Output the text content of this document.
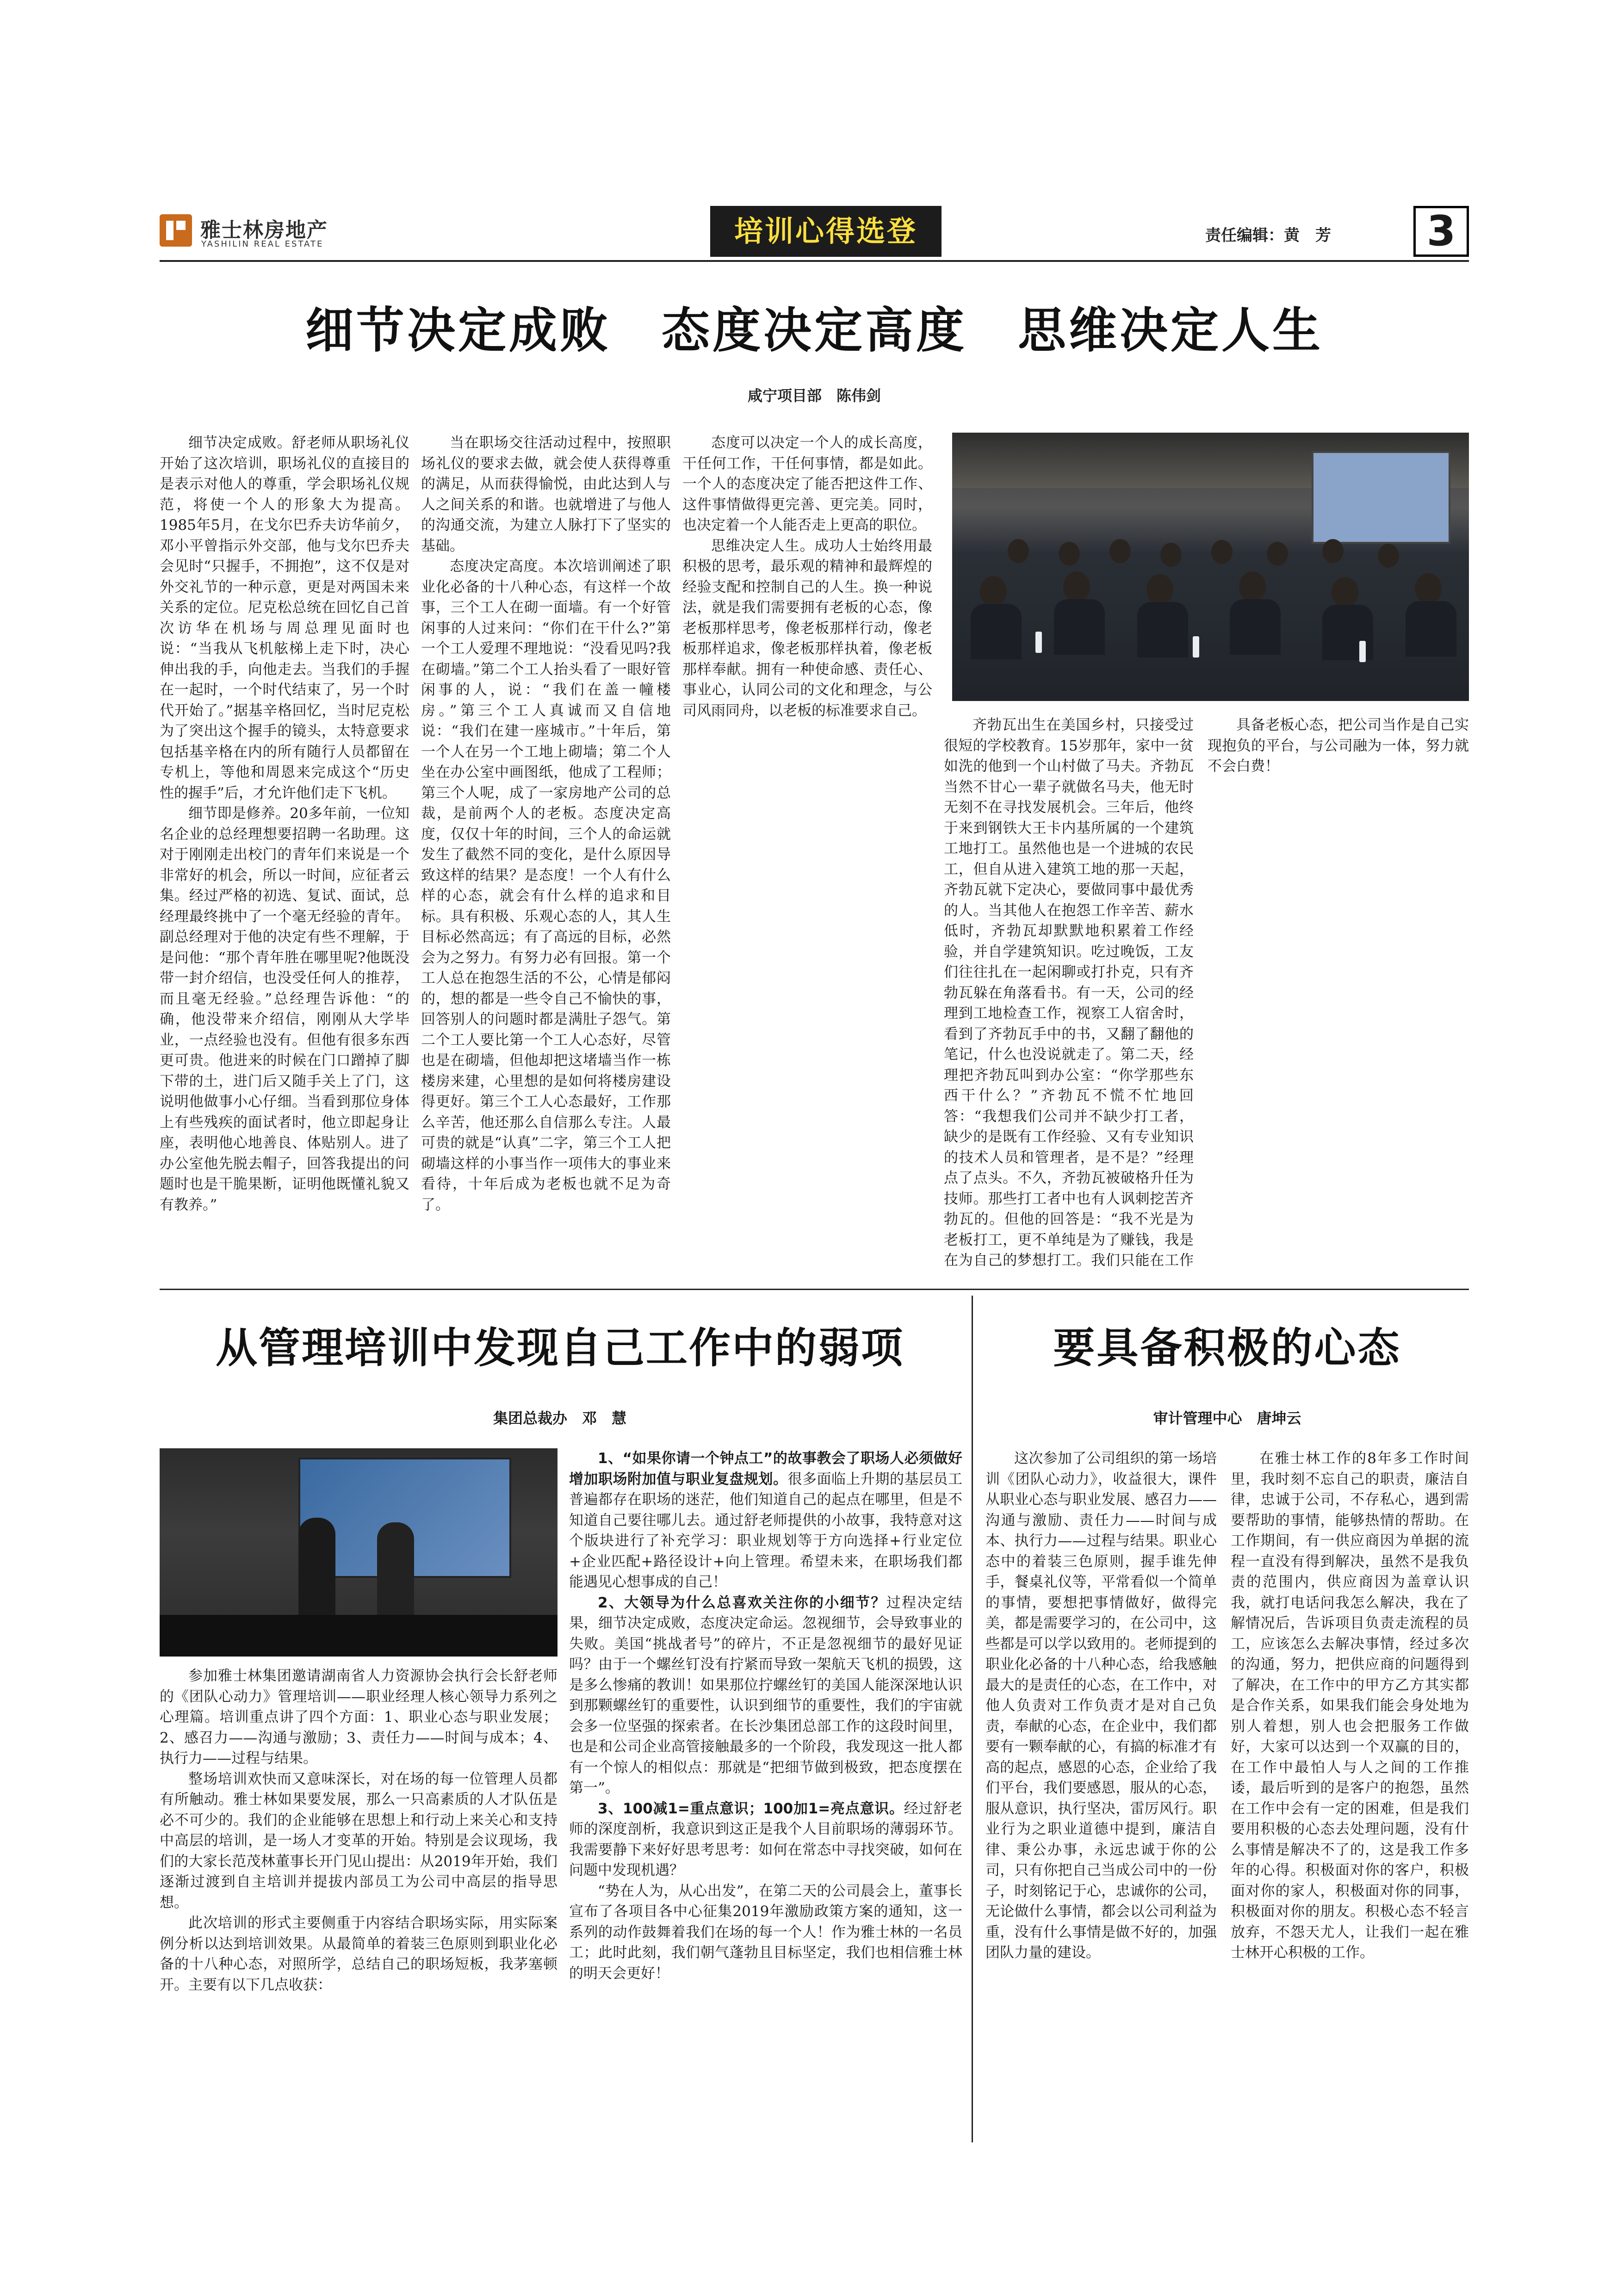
雅士林房地产
YASHILIN REAL ESTATE	培训心得选登	责任编辑：黄　芳	3
细节决定成败　态度决定高度　思维决定人生
咸宁项目部　陈伟剑

细节决定成败。舒老师从职场礼仪开始了这次培训，职场礼仪的直接目的是表示对他人的尊重，学会职场礼仪规范，将使一个人的形象大为提高。1985年5月，在戈尔巴乔夫访华前夕，邓小平曾指示外交部，他与戈尔巴乔夫会见时“只握手，不拥抱”，这不仅是对外交礼节的一种示意，更是对两国未来关系的定位。尼克松总统在回忆自己首次访华在机场与周总理见面时也说：“当我从飞机舷梯上走下时，决心伸出我的手，向他走去。当我们的手握在一起时，一个时代结束了，另一个时代开始了。”据基辛格回忆，当时尼克松为了突出这个握手的镜头，太特意要求包括基辛格在内的所有随行人员都留在专机上，等他和周恩来完成这个“历史性的握手”后，才允许他们走下飞机。

细节即是修养。20多年前，一位知名企业的总经理想要招聘一名助理。这对于刚刚走出校门的青年们来说是一个非常好的机会，所以一时间，应征者云集。经过严格的初选、复试、面试，总经理最终挑中了一个毫无经验的青年。副总经理对于他的决定有些不理解，于是问他：“那个青年胜在哪里呢?他既没带一封介绍信，也没受任何人的推荐，而且毫无经验。”总经理告诉他：“的确，他没带来介绍信，刚刚从大学毕业，一点经验也没有。但他有很多东西更可贵。他进来的时候在门口蹭掉了脚下带的土，进门后又随手关上了门，这说明他做事小心仔细。当看到那位身体上有些残疾的面试者时，他立即起身让座，表明他心地善良、体贴别人。进了办公室他先脱去帽子，回答我提出的问题时也是干脆果断，证明他既懂礼貌又有教养。”

当在职场交往活动过程中，按照职场礼仪的要求去做，就会使人获得尊重的满足，从而获得愉悦，由此达到人与人之间关系的和谐。也就增进了与他人的沟通交流，为建立人脉打下了坚实的基础。

态度决定高度。本次培训阐述了职业化必备的十八种心态，有这样一个故事，三个工人在砌一面墙。有一个好管闲事的人过来问：“你们在干什么?”第一个工人爱理不理地说：“没看见吗?我在砌墙。”第二个工人抬头看了一眼好管闲事的人，说：“我们在盖一幢楼房。”第三个工人真诚而又自信地说：“我们在建一座城市。”十年后，第一个人在另一个工地上砌墙；第二个人坐在办公室中画图纸，他成了工程师；第三个人呢，成了一家房地产公司的总裁，是前两个人的老板。态度决定高度，仅仅十年的时间，三个人的命运就发生了截然不同的变化，是什么原因导致这样的结果？是态度！一个人有什么样的心态，就会有什么样的追求和目标。具有积极、乐观心态的人，其人生目标必然高远；有了高远的目标，必然会为之努力。有努力必有回报。第一个工人总在抱怨生活的不公，心情是郁闷的，想的都是一些令自己不愉快的事，回答别人的问题时都是满肚子怨气。第二个工人要比第一个工人心态好，尽管也是在砌墙，但他却把这堵墙当作一栋楼房来建，心里想的是如何将楼房建设得更好。第三个工人心态最好，工作那么辛苦，他还那么自信那么专注。人最可贵的就是“认真”二字，第三个工人把砌墙这样的小事当作一项伟大的事业来看待，十年后成为老板也就不足为奇了。

态度可以决定一个人的成长高度，干任何工作，干任何事情，都是如此。一个人的态度决定了能否把这件工作、这件事情做得更完善、更完美。同时，也决定着一个人能否走上更高的职位。

思维决定人生。成功人士始终用最积极的思考，最乐观的精神和最辉煌的经验支配和控制自己的人生。换一种说法，就是我们需要拥有老板的心态，像老板那样思考，像老板那样行动，像老板那样追求，像老板那样执着，像老板那样奉献。拥有一种使命感、责任心、事业心，认同公司的文化和理念，与公司风雨同舟，以老板的标准要求自己。

齐勃瓦出生在美国乡村，只接受过很短的学校教育。15岁那年，家中一贫如洗的他到一个山村做了马夫。齐勃瓦当然不甘心一辈子就做名马夫，他无时无刻不在寻找发展机会。三年后，他终于来到钢铁大王卡内基所属的一个建筑工地打工。虽然他也是一个进城的农民工，但自从进入建筑工地的那一天起，齐勃瓦就下定决心，要做同事中最优秀的人。当其他人在抱怨工作辛苦、薪水低时，齐勃瓦却默默地积累着工作经验，并自学建筑知识。吃过晚饭，工友们往往扎在一起闲聊或打扑克，只有齐勃瓦躲在角落看书。有一天，公司的经理到工地检查工作，视察工人宿舍时，看到了齐勃瓦手中的书，又翻了翻他的笔记，什么也没说就走了。第二天，经理把齐勃瓦叫到办公室：“你学那些东西干什么？”齐勃瓦不慌不忙地回答：“我想我们公司并不缺少打工者，缺少的是既有工作经验、又有专业知识的技术人员和管理者，是不是？”经理点了点头。不久，齐勃瓦被破格升任为技师。那些打工者中也有人讽刺挖苦齐勃瓦的。但他的回答是：“我不光是为老板打工，更不单纯是为了赚钱，我是在为自己的梦想打工。我们只能在工作

具备老板心态，把公司当作是自己实现抱负的平台，与公司融为一体，努力就不会白费！

从管理培训中发现自己工作中的弱项
集团总裁办　邓　慧

参加雅士林集团邀请湖南省人力资源协会执行会长舒老师的《团队心动力》管理培训——职业经理人核心领导力系列之心理篇。培训重点讲了四个方面：1、职业心态与职业发展；2、感召力——沟通与激励；3、责任力——时间与成本；4、执行力——过程与结果。

整场培训欢快而又意味深长，对在场的每一位管理人员都有所触动。雅士林如果要发展，那么一只高素质的人才队伍是必不可少的。我们的企业能够在思想上和行动上来关心和支持中高层的培训，是一场人才变革的开始。特别是会议现场，我们的大家长范茂林董事长开门见山提出：从2019年开始，我们逐渐过渡到自主培训并提拔内部员工为公司中高层的指导思想。

此次培训的形式主要侧重于内容结合职场实际，用实际案例分析以达到培训效果。从最简单的着装三色原则到职业化必备的十八种心态，对照所学，总结自己的职场短板，我茅塞顿开。主要有以下几点收获：

1、“如果你请一个钟点工”的故事教会了职场人必须做好增加职场附加值与职业复盘规划。很多面临上升期的基层员工普遍都存在职场的迷茫，他们知道自己的起点在哪里，但是不知道自己要往哪儿去。通过舒老师提供的小故事，我特意对这个版块进行了补充学习：职业规划等于方向选择+行业定位+企业匹配+路径设计+向上管理。希望未来，在职场我们都能遇见心想事成的自己！

2、大领导为什么总喜欢关注你的小细节？过程决定结果，细节决定成败，态度决定命运。忽视细节，会导致事业的失败。美国“挑战者号”的碎片，不正是忽视细节的最好见证吗？由于一个螺丝钉没有拧紧而导致一架航天飞机的损毁，这是多么惨痛的教训！如果那位拧螺丝钉的美国人能深深地认识到那颗螺丝钉的重要性，认识到细节的重要性，我们的宇宙就会多一位坚强的探索者。在长沙集团总部工作的这段时间里，也是和公司企业高管接触最多的一个阶段，我发现这一批人都有一个惊人的相似点：那就是“把细节做到极致，把态度摆在第一”。

3、100减1=重点意识；100加1=亮点意识。经过舒老师的深度剖析，我意识到这正是我个人目前职场的薄弱环节。我需要静下来好好思考思考：如何在常态中寻找突破，如何在问题中发现机遇？

“势在人为，从心出发”，在第二天的公司晨会上，董事长宣布了各项目各中心征集2019年激励政策方案的通知，这一系列的动作鼓舞着我们在场的每一个人！作为雅士林的一名员工；此时此刻，我们朝气蓬勃且目标坚定，我们也相信雅士林的明天会更好！

要具备积极的心态
审计管理中心　唐坤云

这次参加了公司组织的第一场培训《团队心动力》，收益很大，课件从职业心态与职业发展、感召力——沟通与激励、责任力——时间与成本、执行力——过程与结果。职业心态中的着装三色原则，握手谁先伸手，餐桌礼仪等，平常看似一个简单的事情，要想把事情做好，做得完美，都是需要学习的，在公司中，这些都是可以学以致用的。老师提到的职业化必备的十八种心态，给我感触最大的是责任的心态，在工作中，对他人负责对工作负责才是对自己负责，奉献的心态，在企业中，我们都要有一颗奉献的心，有搞的标准才有高的起点，感恩的心态，企业给了我们平台，我们要感恩，服从的心态，服从意识，执行坚决，雷厉风行。职业行为之职业道德中提到，廉洁自律、秉公办事，永远忠诚于你的公司，只有你把自己当成公司中的一份子，时刻铭记于心，忠诚你的公司，无论做什么事情，都会以公司利益为重，没有什么事情是做不好的，加强团队力量的建设。

在雅士林工作的8年多工作时间里，我时刻不忘自己的职责，廉洁自律，忠诚于公司，不存私心，遇到需要帮助的事情，能够热情的帮助。在工作期间，有一供应商因为单据的流程一直没有得到解决，虽然不是我负责的范围内，供应商因为盖章认识我，就打电话问我怎么解决，我在了解情况后，告诉项目负责走流程的员工，应该怎么去解决事情，经过多次的沟通，努力，把供应商的问题得到了解决，在工作中的甲方乙方其实都是合作关系，如果我们能会身处地为别人着想，别人也会把服务工作做好，大家可以达到一个双赢的目的，在工作中最怕人与人之间的工作推诿，最后听到的是客户的抱怨，虽然在工作中会有一定的困难，但是我们要用积极的心态去处理问题，没有什么事情是解决不了的，这是我工作多年的心得。积极面对你的客户，积极面对你的家人，积极面对你的同事，积极面对你的朋友。积极心态不轻言放弃，不怨天尤人，让我们一起在雅士林开心积极的工作。
